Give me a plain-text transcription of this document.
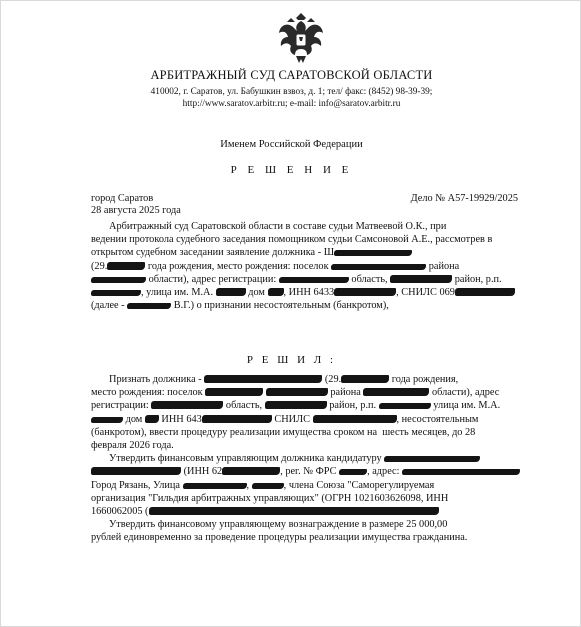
АРБИТРАЖНЫЙ СУД САРАТОВСКОЙ ОБЛАСТИ
410002, г. Саратов, ул. Бабушкин взвоз, д. 1; тел/ факс: (8452) 98-39-39;
http://www.saratov.arbitr.ru; e-mail: info@saratov.arbitr.ru
Именем Российской Федерации
Р Е Ш Е Н И Е
город Саратов
28 августа 2025 года
Дело № А57-19929/2025
Арбитражный суд Саратовской области в составе судьи Матвеевой О.К., при
ведении протокола судебного заседания помощником судьи Самсоновой А.Е., рассмотрев в
открытом судебном заседании заявление должника - Ш
(29.	года рождения, место рождения: поселок	района
области), адрес регистрации:	область,	район, р.п.
, улица им. М.А.	дом , ИНН 6433	, СНИЛС 069
(далее -	В.Г.) о признании несостоятельным (банкротом),
Р Е Ш И Л :
Признать должника -	(29.	года рождения,
место рождения: поселок	района	области), адрес
регистрации:	область,	район, р.п.	улица им. М.А.
дом  ИНН 643	СНИЛС	, несостоятельным
(банкротом), ввести процедуру реализации имущества сроком на  шесть месяцев, до 28
февраля 2026 года.
Утвердить финансовым управляющим должника кандидатуру
(ИНН 62	, рег. № ФРС	, адрес:
Город Рязань, Улица	,	, члена Союза "Саморегулируемая
организация "Гильдия арбитражных управляющих" (ОГРН 1021603626098, ИНН
1660062005 (
Утвердить финансовому управляющему вознаграждение в размере 25 000,00
рублей единовременно за проведение процедуры реализации имущества гражданина.
